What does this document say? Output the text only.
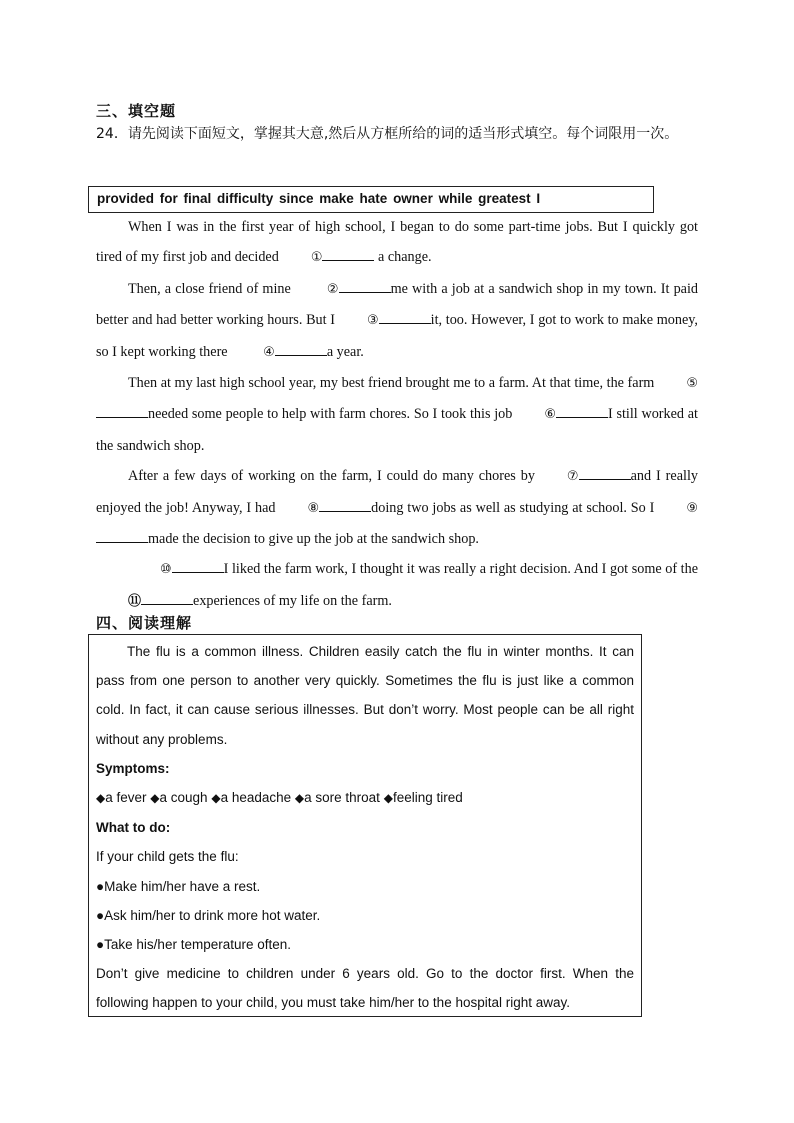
三、填空题
24．请先阅读下面短文，掌握其大意,然后从方框所给的词的适当形式填空。每个词限用一次。
provided for final difficulty since make hate owner while greatest I

When I was in the first year of high school, I began to do some part-time jobs. But I quickly got tired of my first job and decided ①	a change.

Then, a close friend of mine	②	me with a job at a sandwich shop in my town. It paid better and had better working hours. But I ③	it, too. However, I got to work to make money, so I kept working there	④	a year.

Then at my last high school year, my best friend brought me to a farm. At that time, the farm ⑤needed some people to help with farm chores. So I took this job ⑥	I still worked at the sandwich shop.

After a few days of working on the farm, I could do many chores by ⑦	and I really enjoyed the job! Anyway, I had ⑧	doing two jobs as well as studying at school. So I ⑨made the decision to give up the job at the sandwich shop.

⑩	I liked the farm work, I thought it was really a right decision. And I got some of the⑪	experiences of my life on the farm.

四、阅读理解

The flu is a common illness. Children easily catch the flu in winter months. It can pass from one person to another very quickly. Sometimes the flu is just like a common cold. In fact, it can cause serious illnesses. But don’t worry. Most people can be all right without any problems.

Symptoms:

◆a fever ◆a cough ◆a headache ◆a sore throat ◆feeling tired

What to do:

If your child gets the flu:

●Make him/her have a rest.

●Ask him/her to drink more hot water.

●Take his/her temperature often.

Don’t give medicine to children under 6 years old. Go to the doctor first. When the following happen to your child, you must take him/her to the hospital right away.
